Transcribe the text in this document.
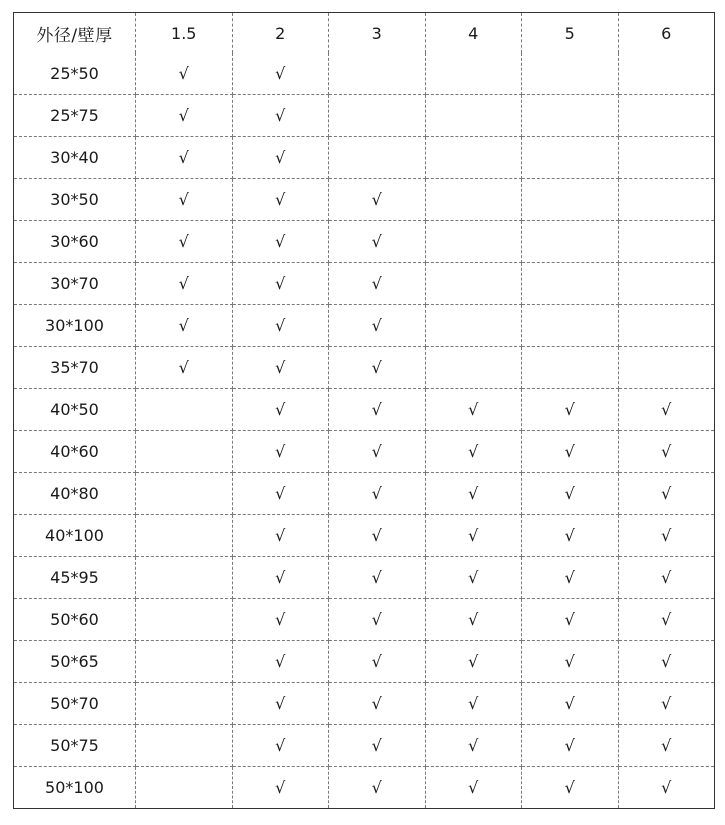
外径/壁厚	1.5	2	3	4	5	6
25*50	√	√				
25*75	√	√				
30*40	√	√				
30*50	√	√	√			
30*60	√	√	√			
30*70	√	√	√			
30*100	√	√	√			
35*70	√	√	√			
40*50		√	√	√	√	√
40*60		√	√	√	√	√
40*80		√	√	√	√	√
40*100		√	√	√	√	√
45*95		√	√	√	√	√
50*60		√	√	√	√	√
50*65		√	√	√	√	√
50*70		√	√	√	√	√
50*75		√	√	√	√	√
50*100		√	√	√	√	√
